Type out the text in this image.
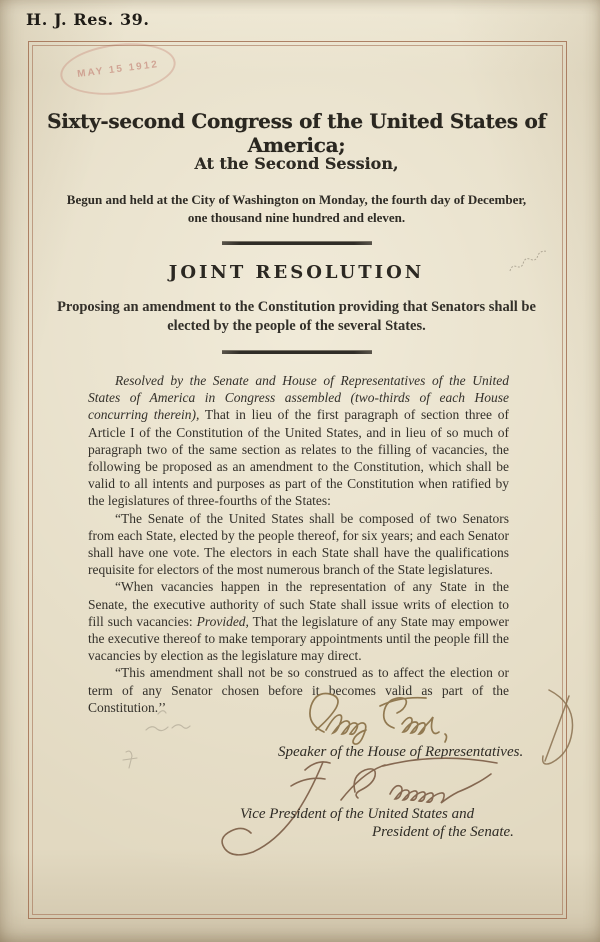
H. J. Res. 39.
MAY 15 1912
Sixty-second Congress of the United States of America;
At the Second Session,
Begun and held at the City of Washington on Monday, the fourth day of December,
one thousand nine hundred and eleven.
JOINT RESOLUTION
Proposing an amendment to the Constitution providing that Senators shall be
elected by the people of the several States.

Resolved by the Senate and House of Representatives of the United States of America in Congress assembled (two-thirds of each House concurring therein), That in lieu of the first paragraph of section three of Article I of the Constitution of the United States, and in lieu of so much of paragraph two of the same section as relates to the filling of vacancies, the following be proposed as an amendment to the Constitution, which shall be valid to all intents and purposes as part of the Constitution when ratified by the legislatures of three-fourths of the States:

“The Senate of the United States shall be composed of two Senators from each State, elected by the people thereof, for six years; and each Senator shall have one vote. The electors in each State shall have the qualifications requisite for electors of the most numerous branch of the State legislatures.

“When vacancies happen in the representation of any State in the Senate, the executive authority of such State shall issue writs of election to fill such vacancies: Provided, That the legislature of any State may empower the executive thereof to make temporary appointments until the people fill the vacancies by election as the legislature may direct.

“This amendment shall not be so construed as to affect the election or term of any Senator chosen before it becomes valid as part of the Constitution.’’

Speaker of the House of Representatives.
Vice President of the United States and
President of the Senate.
